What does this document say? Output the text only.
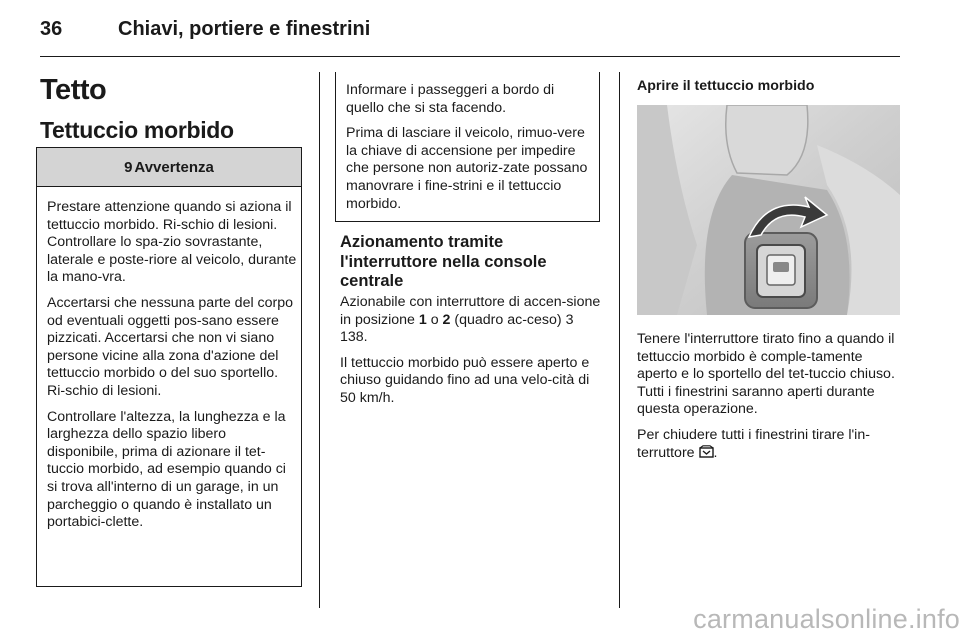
36	Chiavi, portiere e finestrini
Tetto
Tettuccio morbido
9 Avvertenza

Prestare attenzione quando si azionа il tettuccio morbido. Ri-schio di lesioni. Controllare lo spa-zio sovrastante, laterale e poste-riore al veicolo, durante la mano-vra.

Accertarsi che nessuna parte del corpo od eventuali oggetti pos-sano essere pizzicati. Accertarsi che non vi siano persone vicine alla zona d'azione del tettuccio morbido o del suo sportello. Ri-schio di lesioni.

Controllare l'altezza, la lunghezza e la larghezza dello spazio libero disponibile, prima di azionare il tet-tuccio morbido, ad esempio quando ci si trova all'interno di un garage, in un parcheggio o quando è installato un portabici-clette.

Informare i passeggeri a bordo di quello che si sta facendo.

Prima di lasciare il veicolo, rimuo-vere la chiave di accensione per impedire che persone non autoriz-zate possano manovrare i fine-strini e il tettuccio morbido.

Azionamento tramite l'interruttore nella console centrale

Azionabile con interruttore di accen-sione in posizione 1 o 2 (quadro ac-ceso) 3 138.

Il tettuccio morbido può essere aperto e chiuso guidando fino ad una velo-cità di 50 km/h.

Aprire il tettuccio morbido

Tenere l'interruttore tirato fino a quando il tettuccio morbido è comple-tamente aperto e lo sportello del tet-tuccio chiuso. Tutti i finestrini saranno aperti durante questa operazione.

Per chiudere tutti i finestrini tirare l'in-terruttore .

carmanualsonline.info
